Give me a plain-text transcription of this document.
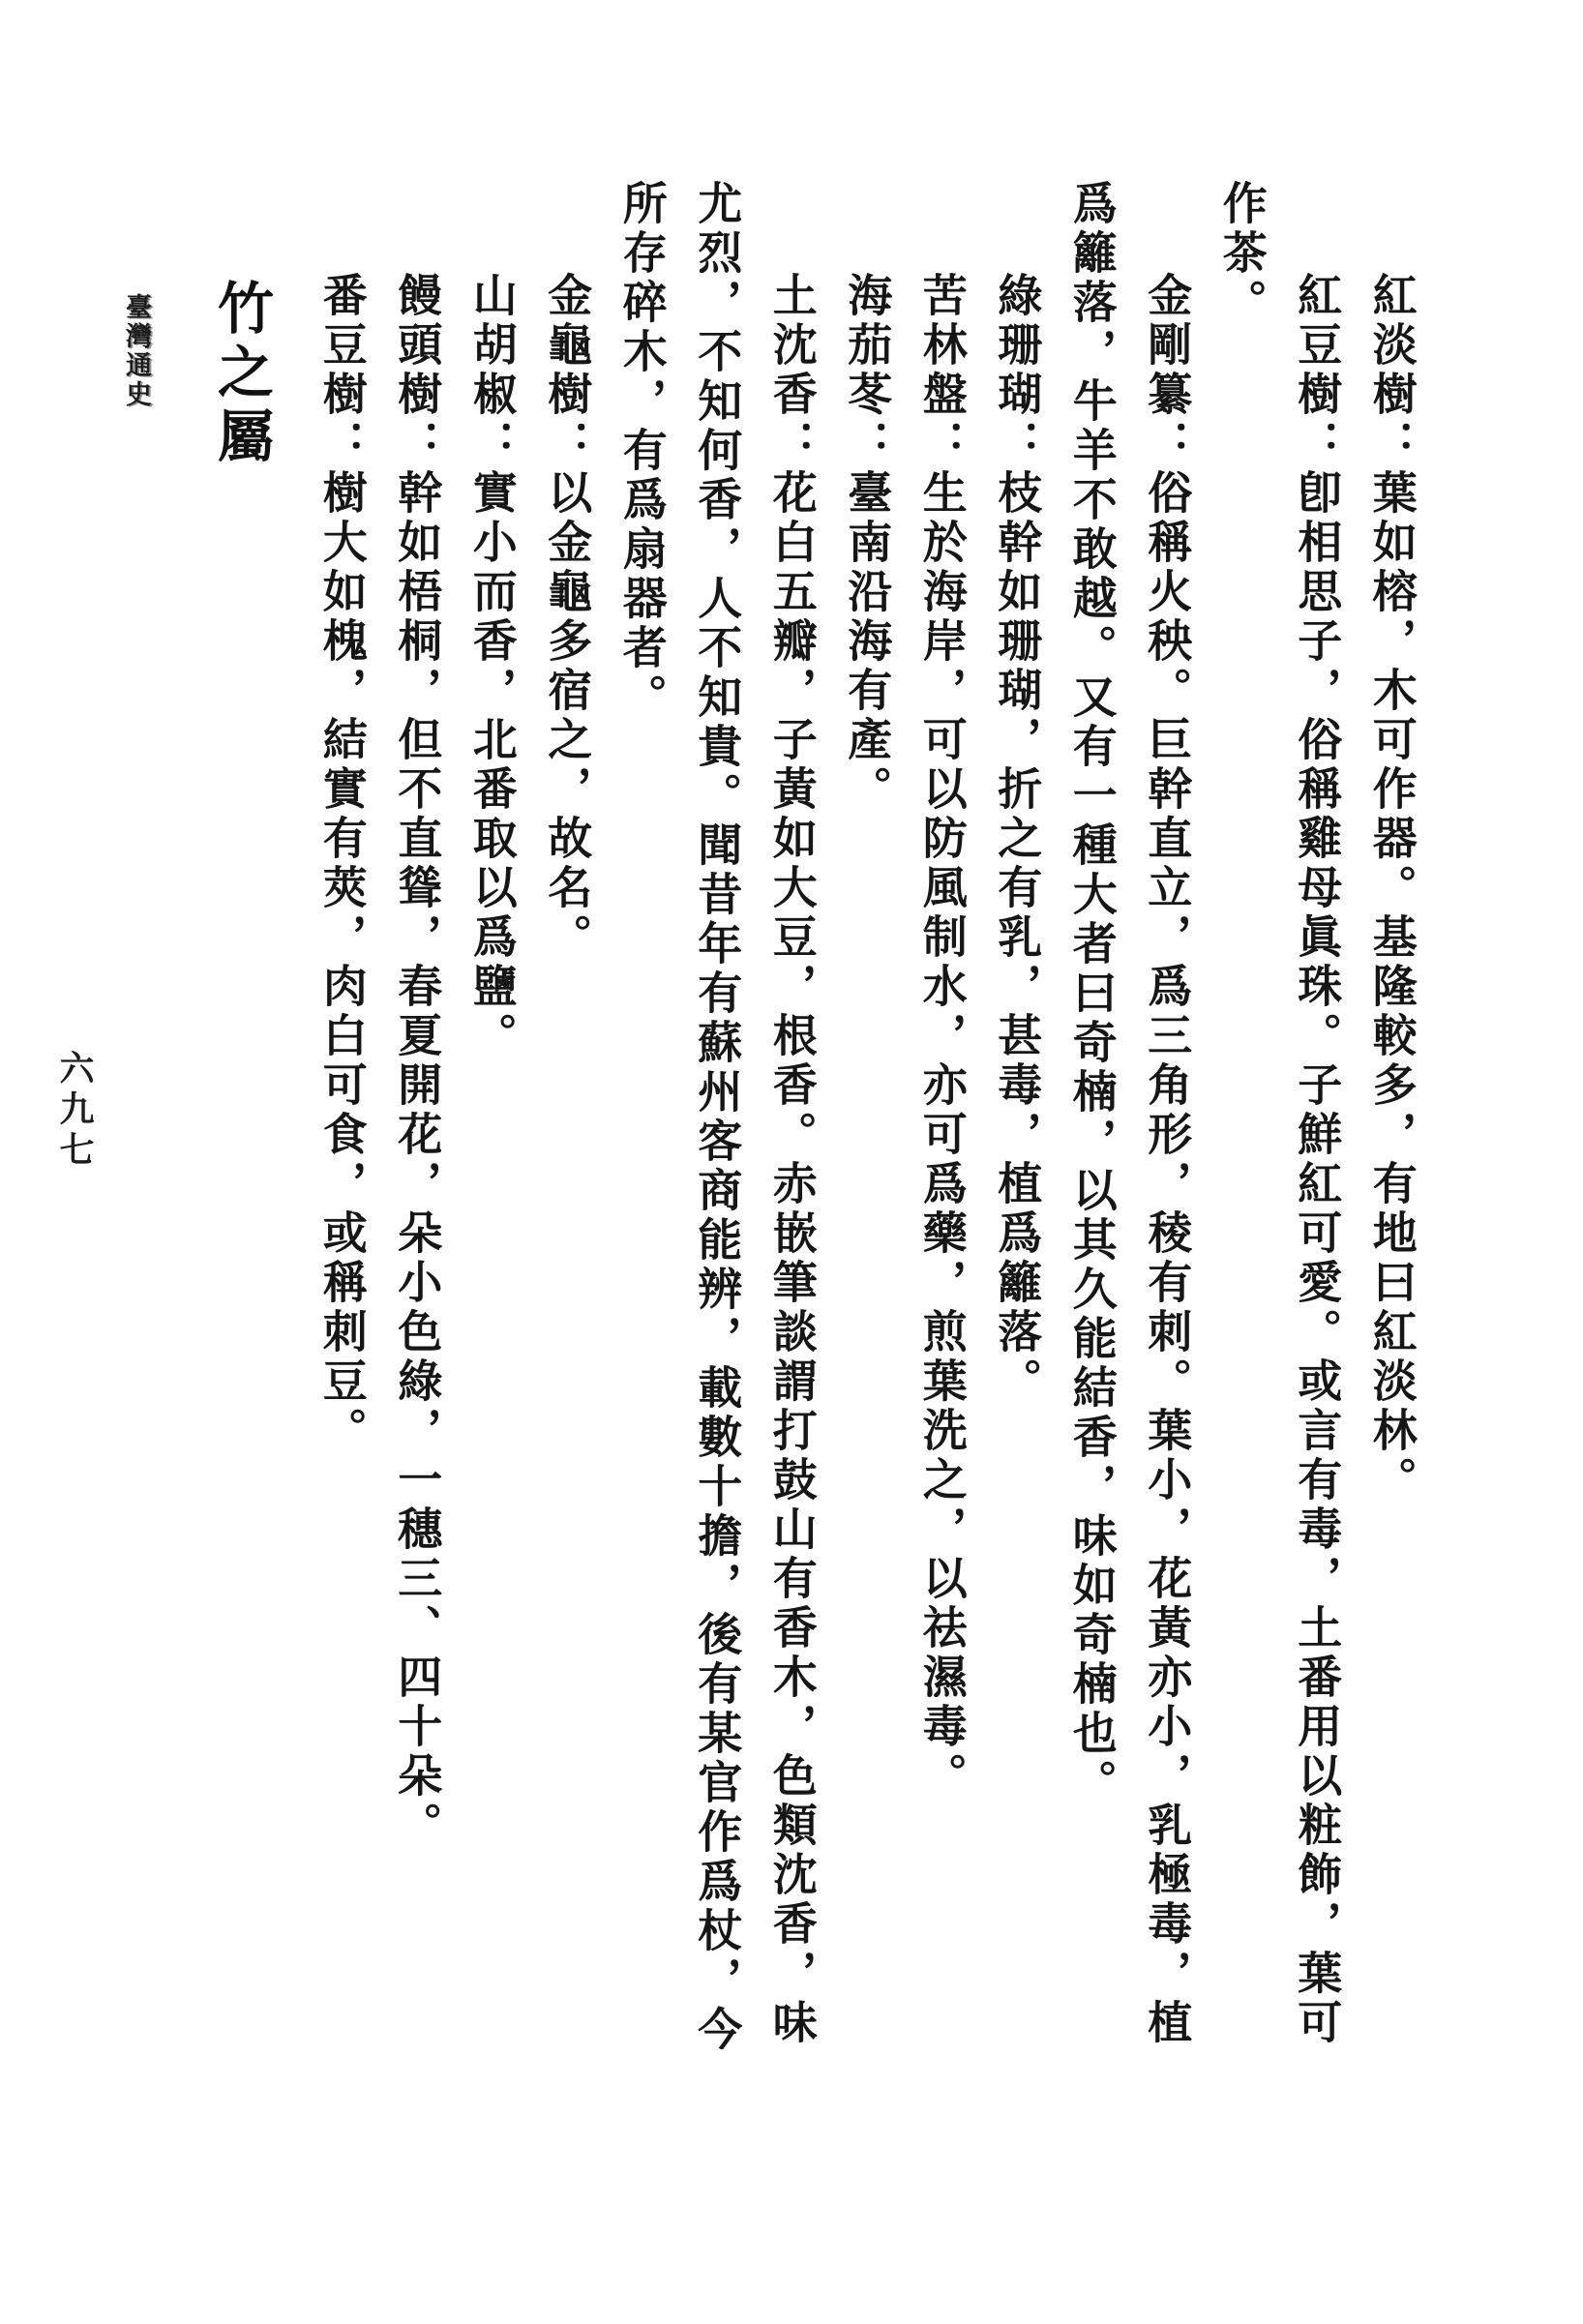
紅淡樹：葉如榕，木可作器。基隆較多，有地曰紅淡林。
紅豆樹：卽相思子，俗稱雞母眞珠。子鮮紅可愛。或言有毒，土番用以粧飾，葉可
作茶。
金剛纂：俗稱火秧。巨幹直立，爲三角形，稜有刺。葉小，花黃亦小，乳極毒，植
爲籬落，牛羊不敢越。又有一種大者曰奇楠，以其久能結香，味如奇楠也。
綠珊瑚：枝幹如珊瑚，折之有乳，甚毒，植爲籬落。
苦林盤：生於海岸，可以防風制水，亦可爲藥，煎葉洗之，以祛濕毒。
海茄苳：臺南沿海有產。
土沈香：花白五瓣，子黃如大豆，根香。赤嵌筆談謂打鼓山有香木，色類沈香，味
尤烈，不知何香，人不知貴。聞昔年有蘇州客商能辨，載數十擔，後有某官作爲杖，今
所存碎木，有爲扇器者。
金龜樹：以金龜多宿之，故名。
山胡椒：實小而香，北番取以爲鹽。
饅頭樹：幹如梧桐，但不直聳，春夏開花，朵小色綠，一穗三、四十朵。
番豆樹：樹大如槐，結實有莢，肉白可食，或稱刺豆。
竹之屬
臺灣通史
六九七
